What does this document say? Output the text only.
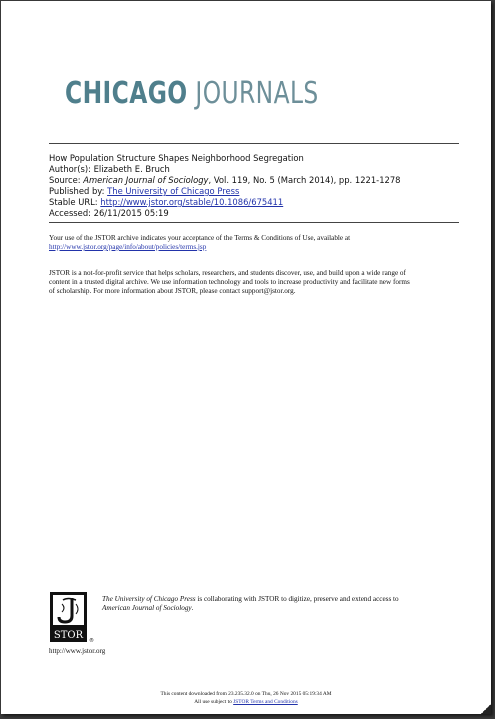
CHICAGO JOURNALS
How Population Structure Shapes Neighborhood Segregation
Author(s): Elizabeth E. Bruch
Source: American Journal of Sociology, Vol. 119, No. 5 (March 2014), pp. 1221-1278
Published by: The University of Chicago Press
Stable URL: http://www.jstor.org/stable/10.1086/675411
Accessed: 26/11/2015 05:19
Your use of the JSTOR archive indicates your acceptance of the Terms & Conditions of Use, available at
http://www.jstor.org/page/info/about/policies/terms.jsp
JSTOR is a not-for-profit service that helps scholars, researchers, and students discover, use, and build upon a wide range of
content in a trusted digital archive. We use information technology and tools to increase productivity and facilitate new forms
of scholarship. For more information about JSTOR, please contact support@jstor.org.
STOR ®
http://www.jstor.org
The University of Chicago Press is collaborating with JSTOR to digitize, preserve and extend access to
American Journal of Sociology.
This content downloaded from 23.235.32.0 on Thu, 26 Nov 2015 05:19:34 AM
All use subject to JSTOR Terms and Conditions
